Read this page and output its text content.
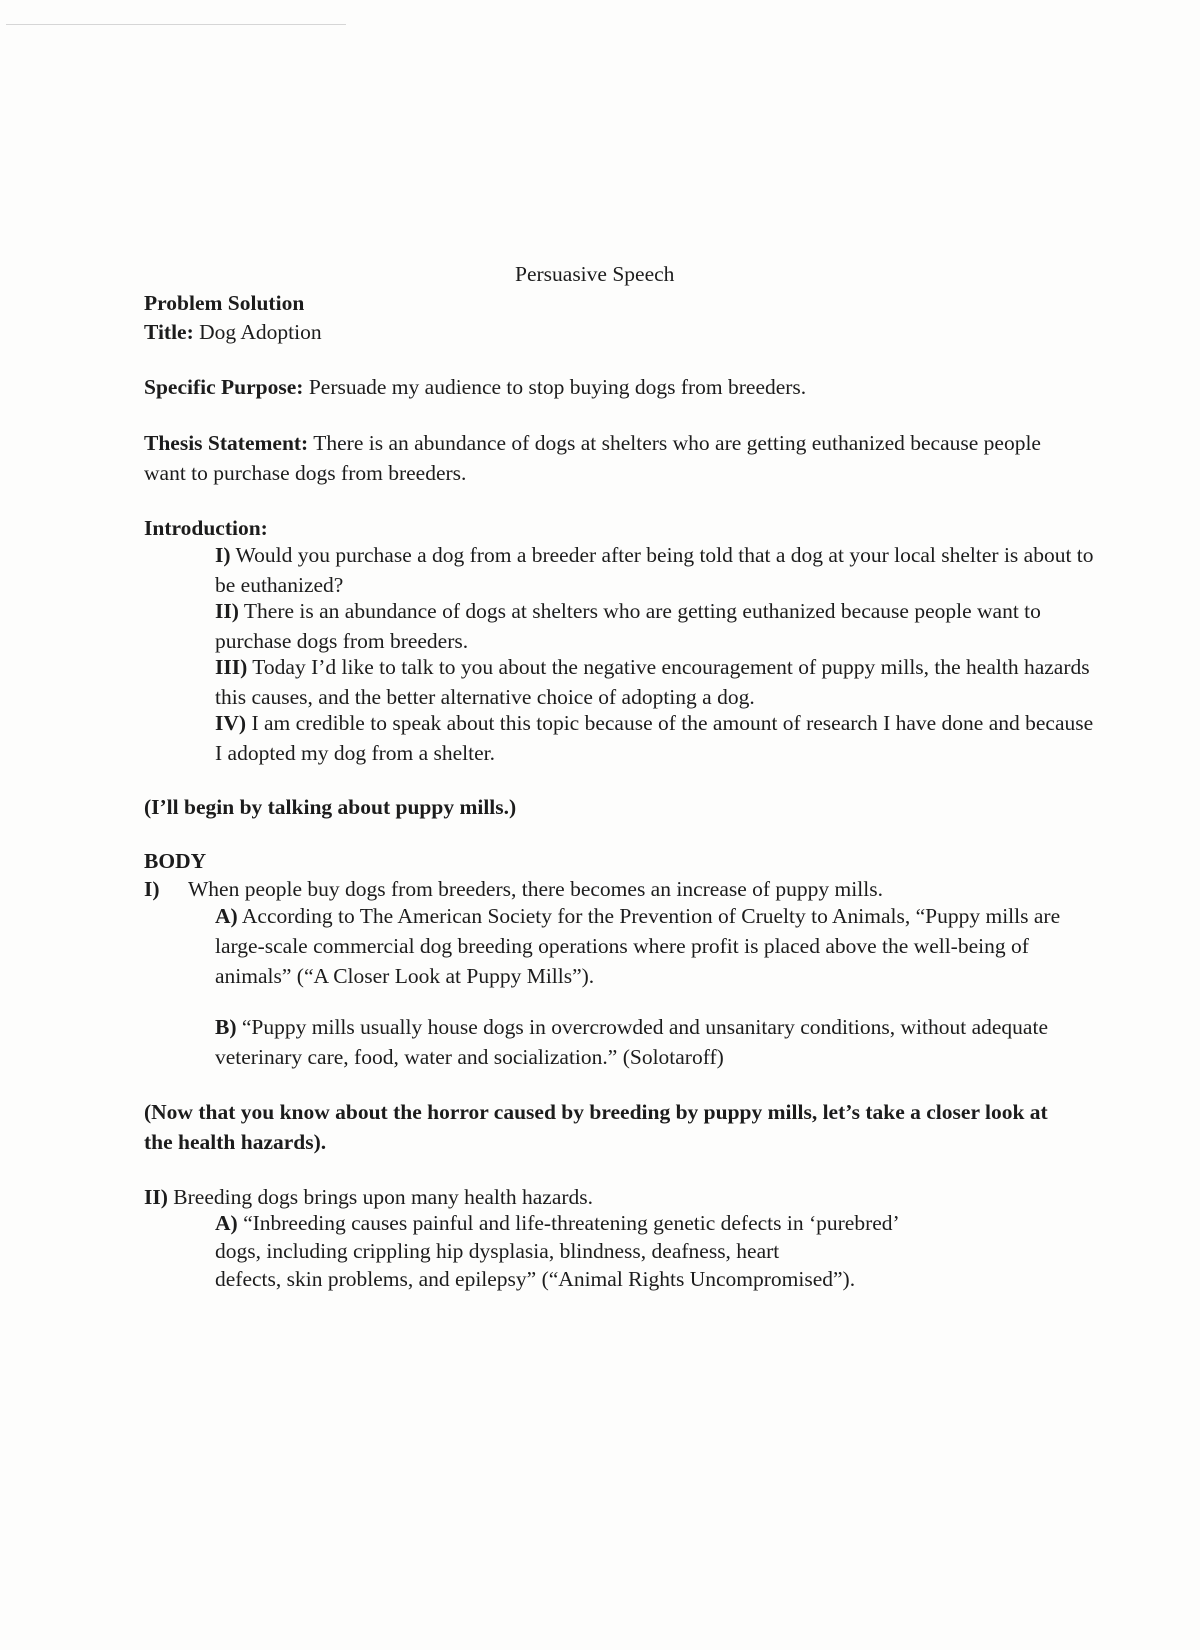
Persuasive Speech
Problem Solution
Title: Dog Adoption
Specific Purpose: Persuade my audience to stop buying dogs from breeders.
Thesis Statement: There is an abundance of dogs at shelters who are getting euthanized because people want to purchase dogs from breeders.
Introduction:
I) Would you purchase a dog from a breeder after being told that a dog at your local shelter is about to be euthanized?
II) There is an abundance of dogs at shelters who are getting euthanized because people want to purchase dogs from breeders.
III) Today I’d like to talk to you about the negative encouragement of puppy mills, the health hazards this causes, and the better alternative choice of adopting a dog.
IV) I am credible to speak about this topic because of the amount of research I have done and because I adopted my dog from a shelter.
(I’ll begin by talking about puppy mills.)
BODY
I) When people buy dogs from breeders, there becomes an increase of puppy mills.
A) According to The American Society for the Prevention of Cruelty to Animals, “Puppy mills are large-scale commercial dog breeding operations where profit is placed above the well-being of animals” (“A Closer Look at Puppy Mills”).
B) “Puppy mills usually house dogs in overcrowded and unsanitary conditions, without adequate veterinary care, food, water and socialization.” (Solotaroff)
(Now that you know about the horror caused by breeding by puppy mills, let’s take a closer look at the health hazards).
II) Breeding dogs brings upon many health hazards.
A) “Inbreeding causes painful and life-threatening genetic defects in ‘purebred’
dogs, including crippling hip dysplasia, blindness, deafness, heart
defects, skin problems, and epilepsy” (“Animal Rights Uncompromised”).
